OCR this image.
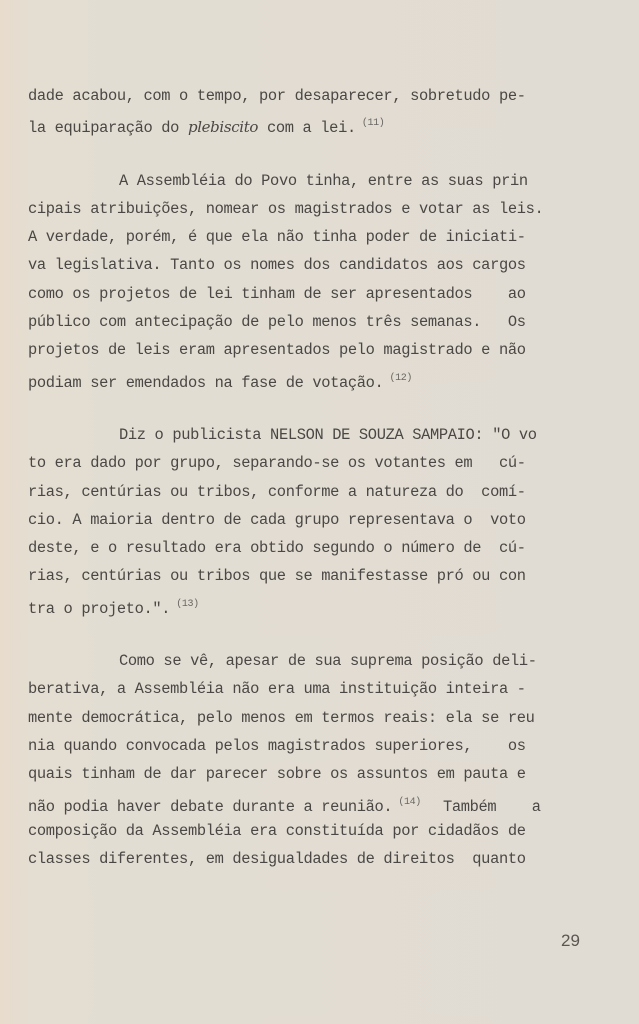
dade acabou, com o tempo, por desaparecer, sobretudo pe-
la equiparação do plebiscito com a lei. $^{(11)}$
A Assembléia do Povo tinha, entre as suas prin
cipais atribuições, nomear os magistrados e votar as leis.
A verdade, porém, é que ela não tinha poder de iniciati-
va legislativa. Tanto os nomes dos candidatos aos cargos
como os projetos de lei tinham de ser apresentados    ao
público com antecipação de pelo menos três semanas.   Os
projetos de leis eram apresentados pelo magistrado e não
podiam ser emendados na fase de votação. $^{(12)}$
Diz o publicista NELSON DE SOUZA SAMPAIO: "O vo
to era dado por grupo, separando-se os votantes em   cú-
rias, centúrias ou tribos, conforme a natureza do  comí-
cio. A maioria dentro de cada grupo representava o  voto
deste, e o resultado era obtido segundo o número de  cú-
rias, centúrias ou tribos que se manifestasse pró ou con
tra o projeto.". $^{(13)}$
Como se vê, apesar de sua suprema posição deli-
berativa, a Assembléia não era uma instituição inteira -
mente democrática, pelo menos em termos reais: ela se reu
nia quando convocada pelos magistrados superiores,    os
quais tinham de dar parecer sobre os assuntos em pauta e
não podia haver debate durante a reunião. $^{(14)}$ Também    a
composição da Assembléia era constituída por cidadãos de
classes diferentes, em desigualdades de direitos  quanto
29
